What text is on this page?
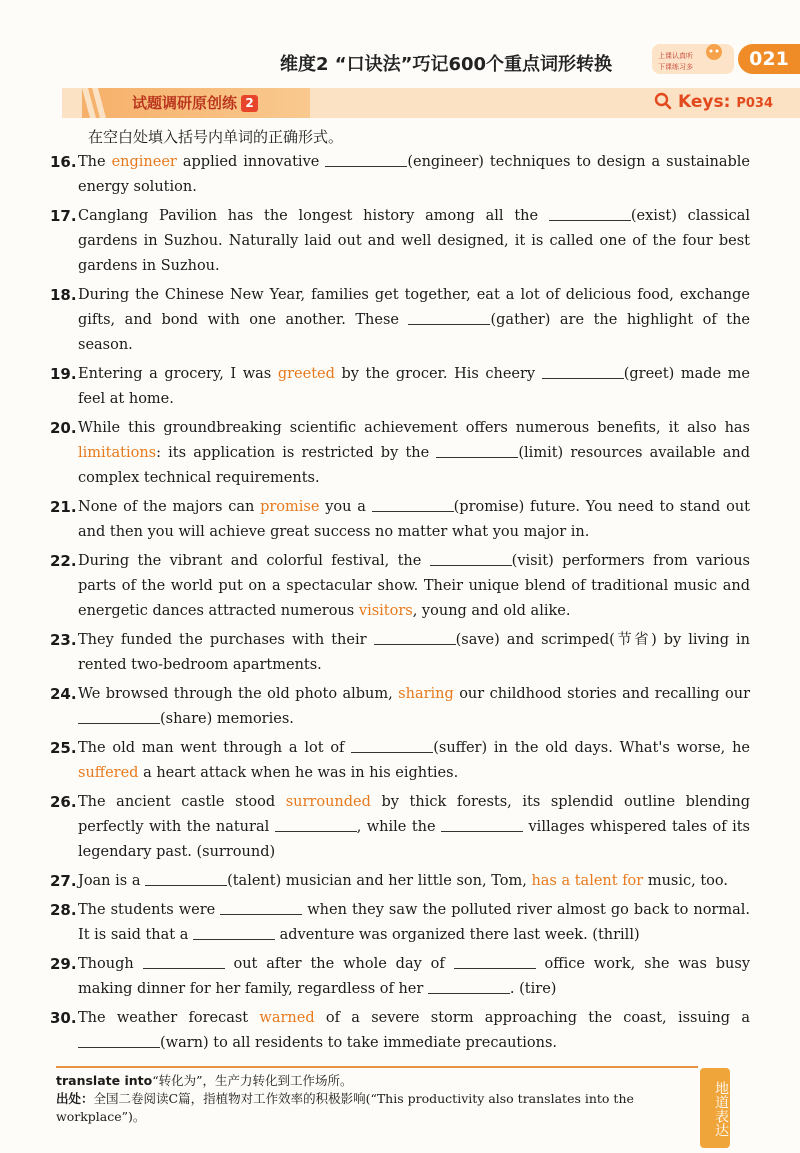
维度2 “口诀法”巧记600个重点词形转换	上课认真听
下课练习多	021
试题调研原创练 2	Keys: P034
在空白处填入括号内单词的正确形式。
16. The engineer applied innovative	(engineer) techniques to design a sustainable energy solution.
17. Canglang Pavilion has the longest history among all the	(exist) classical gardens in Suzhou. Naturally laid out and well designed, it is called one of the four best gardens in Suzhou.
18. During the Chinese New Year, families get together, eat a lot of delicious food, exchange gifts, and bond with one another. These	(gather) are the highlight of the season.
19. Entering a grocery, I was greeted by the grocer. His cheery	(greet) made me feel at home.
20. While this groundbreaking scientific achievement offers numerous benefits, it also has limitations: its application is restricted by the	(limit) resources available and complex technical requirements.
21. None of the majors can promise you a	(promise) future. You need to stand out and then you will achieve great success no matter what you major in.
22. During the vibrant and colorful festival, the	(visit) performers from various parts of the world put on a spectacular show. Their unique blend of traditional music and energetic dances attracted numerous visitors, young and old alike.
23. They funded the purchases with their	(save) and scrimped(节省) by living in rented two-bedroom apartments.
24. We browsed through the old photo album, sharing our childhood stories and recalling our (share) memories.
25. The old man went through a lot of	(suffer) in the old days. What's worse, he suffered a heart attack when he was in his eighties.
26. The ancient castle stood surrounded by thick forests, its splendid outline blending perfectly with the natural	, while the	villages whispered tales of its legendary past. (surround)
27. Joan is a	(talent) musician and her little son, Tom, has a talent for music, too.
28. The students were	when they saw the polluted river almost go back to normal. It is said that a	adventure was organized there last week. (thrill)
29. Though	out after the whole day of	office work, she was busy making dinner for her family, regardless of her	. (tire)
30. The weather forecast warned of a severe storm approaching the coast, issuing a (warn) to all residents to take immediate precautions.
translate into“转化为”，生产力转化到工作场所。
出处：全国二卷阅读C篇，指植物对工作效率的积极影响(“This productivity also translates into the workplace”)。	地道表达
